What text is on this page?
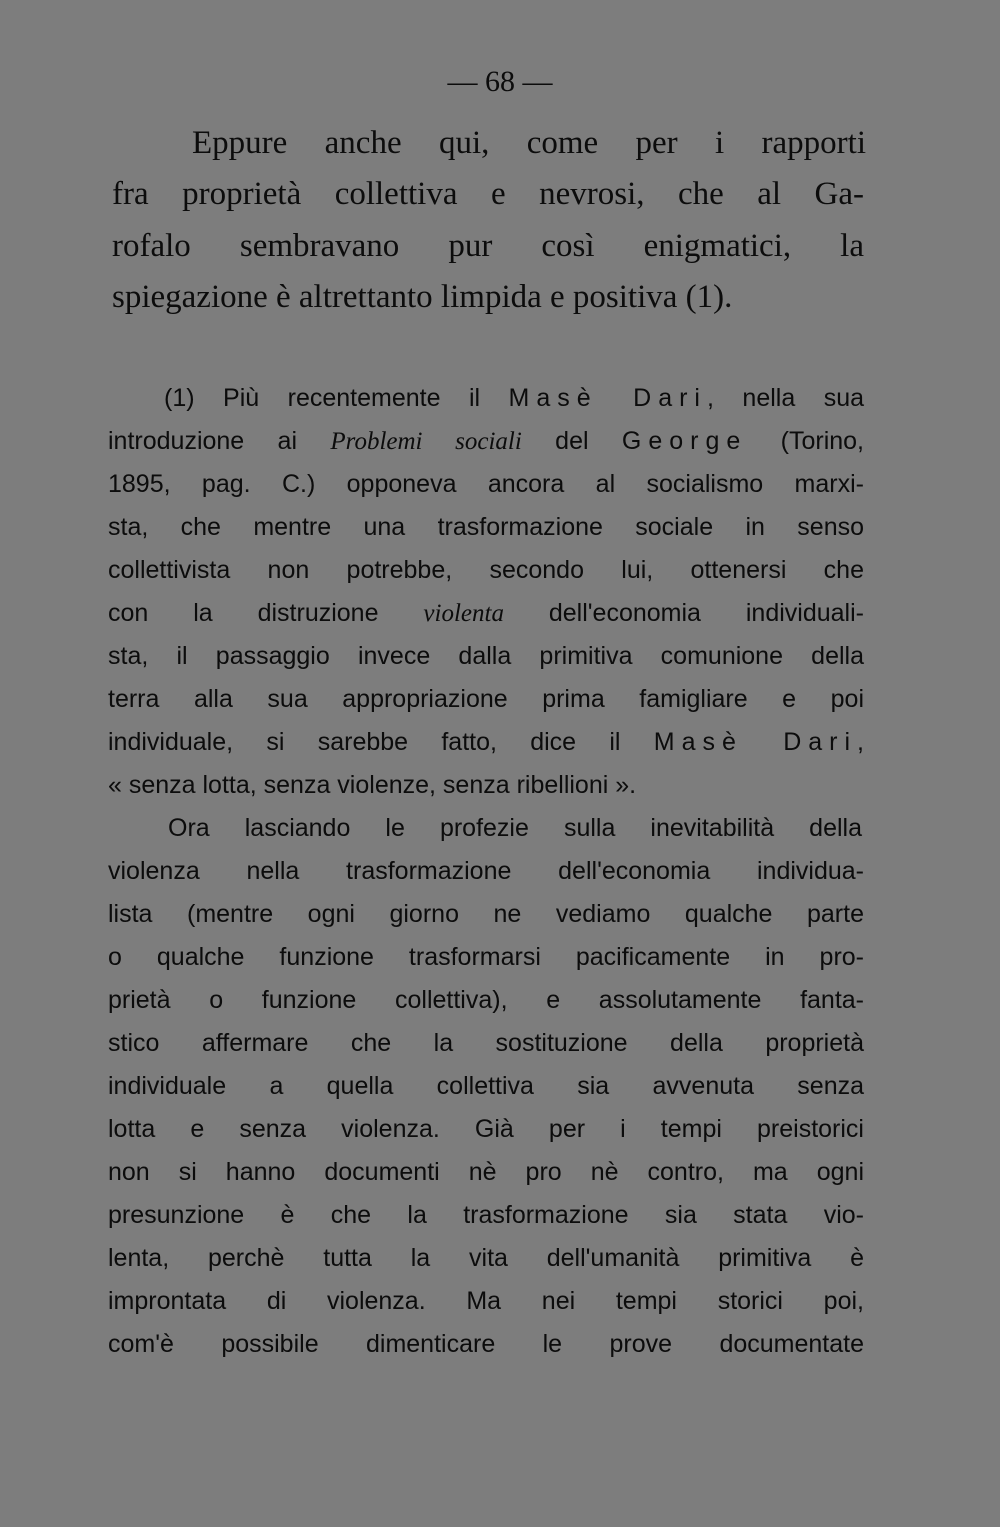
— 68 —
Eppure anche qui, come per i rapporti
fra proprietà collettiva e nevrosi, che al Ga-
rofalo sembravano pur così enigmatici, la
spiegazione è altrettanto limpida e positiva (1).
(1) Più recentemente il Masè Dari, nella sua
introduzione ai Problemi sociali del George (Torino,
1895, pag. C.) opponeva ancora al socialismo marxi-
sta, che mentre una trasformazione sociale in senso
collettivista non potrebbe, secondo lui, ottenersi che
con la distruzione violenta dell'economia individuali-
sta, il passaggio invece dalla primitiva comunione della
terra alla sua appropriazione prima famigliare e poi
individuale, si sarebbe fatto, dice il Masè Dari,
« senza lotta, senza violenze, senza ribellioni ».
Ora lasciando le profezie sulla inevitabilità della
violenza nella trasformazione dell'economia individua-
lista (mentre ogni giorno ne vediamo qualche parte
o qualche funzione trasformarsi pacificamente in pro-
prietà o funzione collettiva), e assolutamente fanta-
stico affermare che la sostituzione della proprietà
individuale a quella collettiva sia avvenuta senza
lotta e senza violenza. Già per i tempi preistorici
non si hanno documenti nè pro nè contro, ma ogni
presunzione è che la trasformazione sia stata vio-
lenta, perchè tutta la vita dell'umanità primitiva è
improntata di violenza. Ma nei tempi storici poi,
com'è possibile dimenticare le prove documentate
